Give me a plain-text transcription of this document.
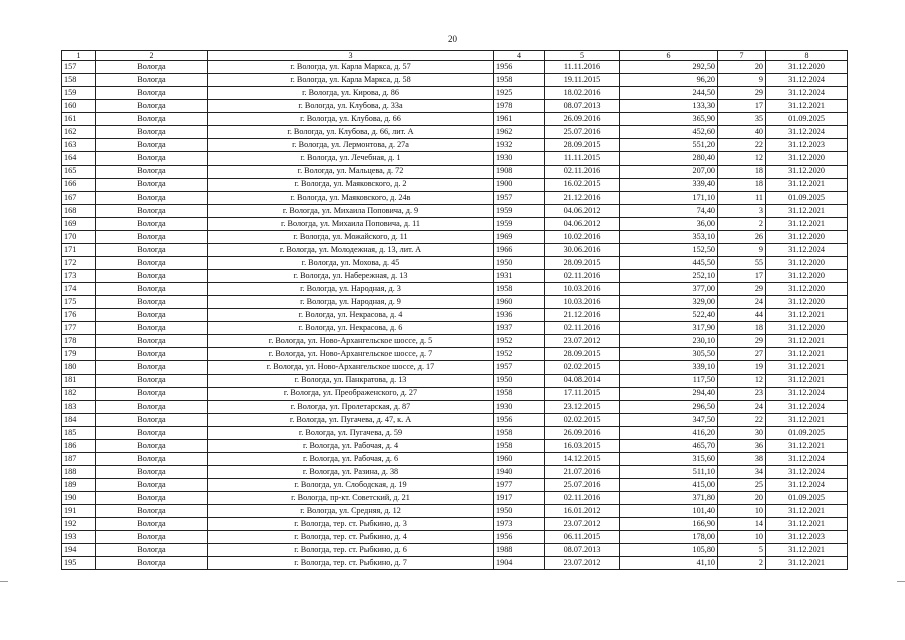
20
1	2	3	4	5	6	7	8
157	Вологда	г. Вологда, ул. Карла Маркса, д. 57	1956	11.11.2016	292,50	20	31.12.2020
158	Вологда	г. Вологда, ул. Карла Маркса, д. 58	1958	19.11.2015	96,20	9	31.12.2024
159	Вологда	г. Вологда, ул. Кирова, д. 86	1925	18.02.2016	244,50	29	31.12.2024
160	Вологда	г. Вологда, ул. Клубова, д. 33а	1978	08.07.2013	133,30	17	31.12.2021
161	Вологда	г. Вологда, ул. Клубова, д. 66	1961	26.09.2016	365,90	35	01.09.2025
162	Вологда	г. Вологда, ул. Клубова, д. 66, лит. А	1962	25.07.2016	452,60	40	31.12.2024
163	Вологда	г. Вологда, ул. Лермонтова, д. 27а	1932	28.09.2015	551,20	22	31.12.2023
164	Вологда	г. Вологда, ул. Лечебная, д. 1	1930	11.11.2015	280,40	12	31.12.2020
165	Вологда	г. Вологда, ул. Мальцева, д. 72	1908	02.11.2016	207,00	18	31.12.2020
166	Вологда	г. Вологда, ул. Маяковского, д. 2	1900	16.02.2015	339,40	18	31.12.2021
167	Вологда	г. Вологда, ул. Маяковского, д. 24в	1957	21.12.2016	171,10	11	01.09.2025
168	Вологда	г. Вологда, ул. Михаила Поповича, д. 9	1959	04.06.2012	74,40	3	31.12.2021
169	Вологда	г. Вологда, ул. Михаила Поповича, д. 11	1959	04.06.2012	36,00	2	31.12.2021
170	Вологда	г. Вологда, ул. Можайского, д. 11	1969	10.02.2016	353,10	26	31.12.2020
171	Вологда	г. Вологда, ул. Молодежная, д. 13, лит. А	1966	30.06.2016	152,50	9	31.12.2024
172	Вологда	г. Вологда, ул. Мохова, д. 45	1950	28.09.2015	445,50	55	31.12.2020
173	Вологда	г. Вологда, ул. Набережная, д. 13	1931	02.11.2016	252,10	17	31.12.2020
174	Вологда	г. Вологда, ул. Народная, д. 3	1958	10.03.2016	377,00	29	31.12.2020
175	Вологда	г. Вологда, ул. Народная, д. 9	1960	10.03.2016	329,00	24	31.12.2020
176	Вологда	г. Вологда, ул. Некрасова, д. 4	1936	21.12.2016	522,40	44	31.12.2021
177	Вологда	г. Вологда, ул. Некрасова, д. 6	1937	02.11.2016	317,90	18	31.12.2020
178	Вологда	г. Вологда, ул. Ново-Архангельское шоссе, д. 5	1952	23.07.2012	230,10	29	31.12.2021
179	Вологда	г. Вологда, ул. Ново-Архангельское шоссе, д. 7	1952	28.09.2015	305,50	27	31.12.2021
180	Вологда	г. Вологда, ул. Ново-Архангельское шоссе, д. 17	1957	02.02.2015	339,10	19	31.12.2021
181	Вологда	г. Вологда, ул. Панкратова, д. 13	1950	04.08.2014	117,50	12	31.12.2021
182	Вологда	г. Вологда, ул. Преображенского, д. 27	1958	17.11.2015	294,40	23	31.12.2024
183	Вологда	г. Вологда, ул. Пролетарская, д. 87	1930	23.12.2015	296,50	24	31.12.2024
184	Вологда	г. Вологда, ул. Пугачева, д. 47, к. А	1956	02.02.2015	347,50	22	31.12.2021
185	Вологда	г. Вологда, ул. Пугачева, д. 59	1958	26.09.2016	416,20	30	01.09.2025
186	Вологда	г. Вологда, ул. Рабочая, д. 4	1958	16.03.2015	465,70	36	31.12.2021
187	Вологда	г. Вологда, ул. Рабочая, д. 6	1960	14.12.2015	315,60	38	31.12.2024
188	Вологда	г. Вологда, ул. Разина, д. 38	1940	21.07.2016	511,10	34	31.12.2024
189	Вологда	г. Вологда, ул. Слободская, д. 19	1977	25.07.2016	415,00	25	31.12.2024
190	Вологда	г. Вологда, пр-кт. Советский, д. 21	1917	02.11.2016	371,80	20	01.09.2025
191	Вологда	г. Вологда, ул. Средняя, д. 12	1950	16.01.2012	101,40	10	31.12.2021
192	Вологда	г. Вологда, тер. ст. Рыбкино, д. 3	1973	23.07.2012	166,90	14	31.12.2021
193	Вологда	г. Вологда, тер. ст. Рыбкино, д. 4	1956	06.11.2015	178,00	10	31.12.2023
194	Вологда	г. Вологда, тер. ст. Рыбкино, д. 6	1988	08.07.2013	105,80	5	31.12.2021
195	Вологда	г. Вологда, тер. ст. Рыбкино, д. 7	1904	23.07.2012	41,10	2	31.12.2021
